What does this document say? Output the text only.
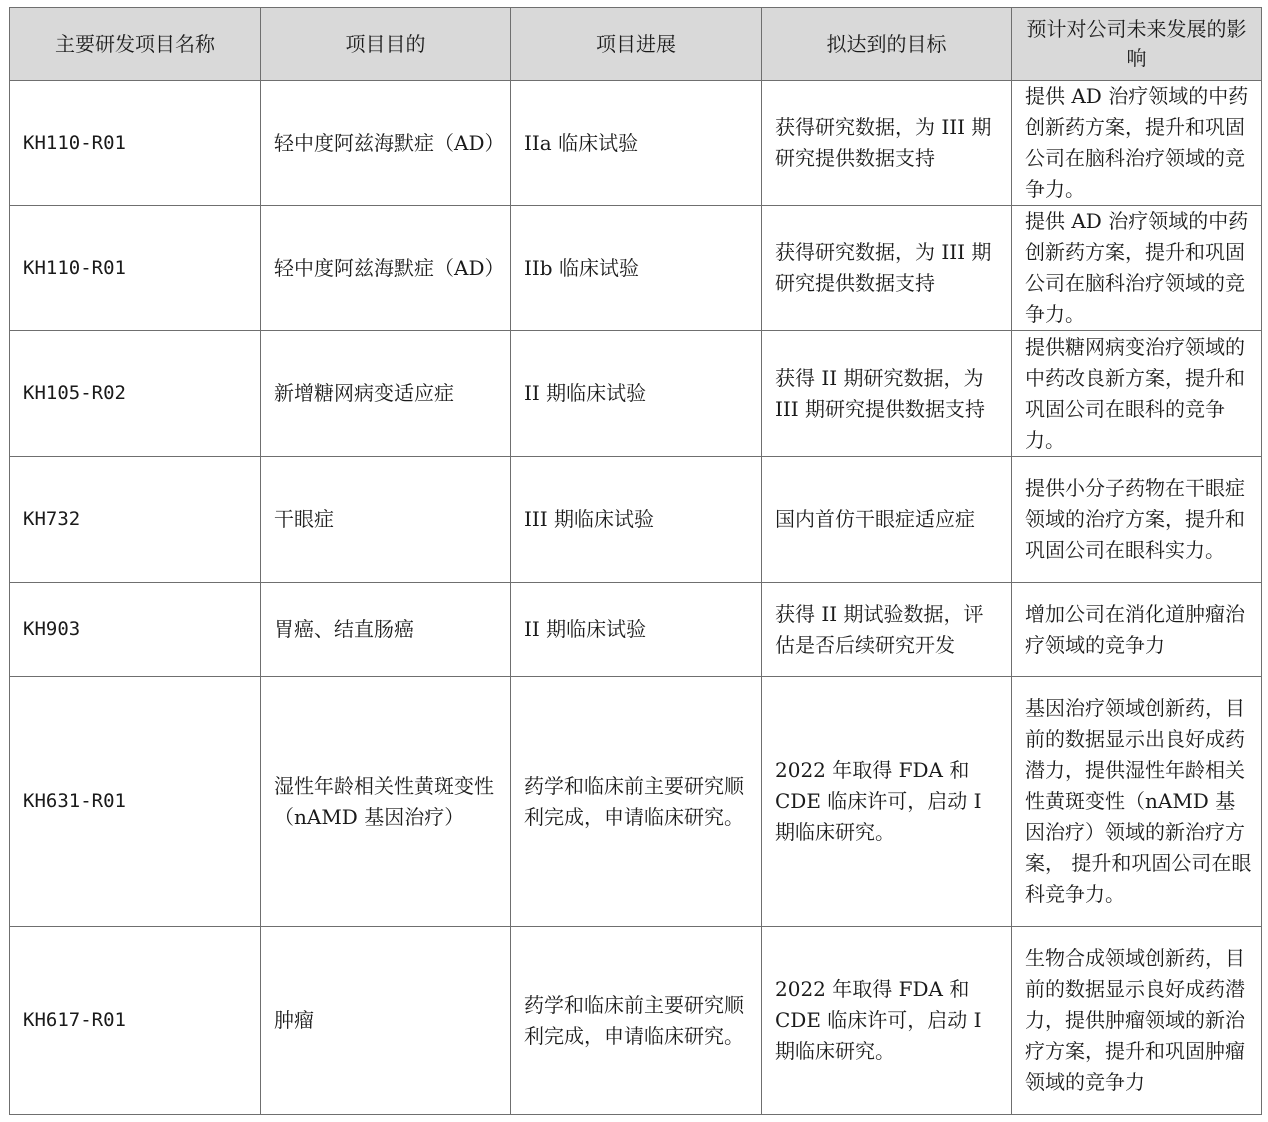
主要研发项目名称	项目目的	项目进展	拟达到的目标	预计对公司未来发展的影响
KH110-R01	轻中度阿兹海默症（AD）	IIa 临床试验	获得研究数据，为 III 期研究提供数据支持	提供 AD 治疗领域的中药创新药方案，提升和巩固公司在脑科治疗领域的竞争力。
KH110-R01	轻中度阿兹海默症（AD）	IIb 临床试验	获得研究数据，为 III 期研究提供数据支持	提供 AD 治疗领域的中药创新药方案，提升和巩固公司在脑科治疗领域的竞争力。
KH105-R02	新增糖网病变适应症	II 期临床试验	获得 II 期研究数据，为 III 期研究提供数据支持	提供糖网病变治疗领域的中药改良新方案，提升和巩固公司在眼科的竞争力。
KH732	干眼症	III 期临床试验	国内首仿干眼症适应症	提供小分子药物在干眼症领域的治疗方案，提升和巩固公司在眼科实力。
KH903	胃癌、结直肠癌	II 期临床试验	获得 II 期试验数据，评估是否后续研究开发	增加公司在消化道肿瘤治疗领域的竞争力
KH631-R01	湿性年龄相关性黄斑变性（nAMD 基因治疗）	药学和临床前主要研究顺利完成，申请临床研究。	2022 年取得 FDA 和 CDE 临床许可，启动 I 期临床研究。	基因治疗领域创新药，目前的数据显示出良好成药潜力，提供湿性年龄相关性黄斑变性（nAMD 基因治疗）领域的新治疗方案， 提升和巩固公司在眼科竞争力。
KH617-R01	肿瘤	药学和临床前主要研究顺利完成，申请临床研究。	2022 年取得 FDA 和 CDE 临床许可，启动 I 期临床研究。	生物合成领域创新药，目前的数据显示良好成药潜力，提供肿瘤领域的新治疗方案，提升和巩固肿瘤领域的竞争力
